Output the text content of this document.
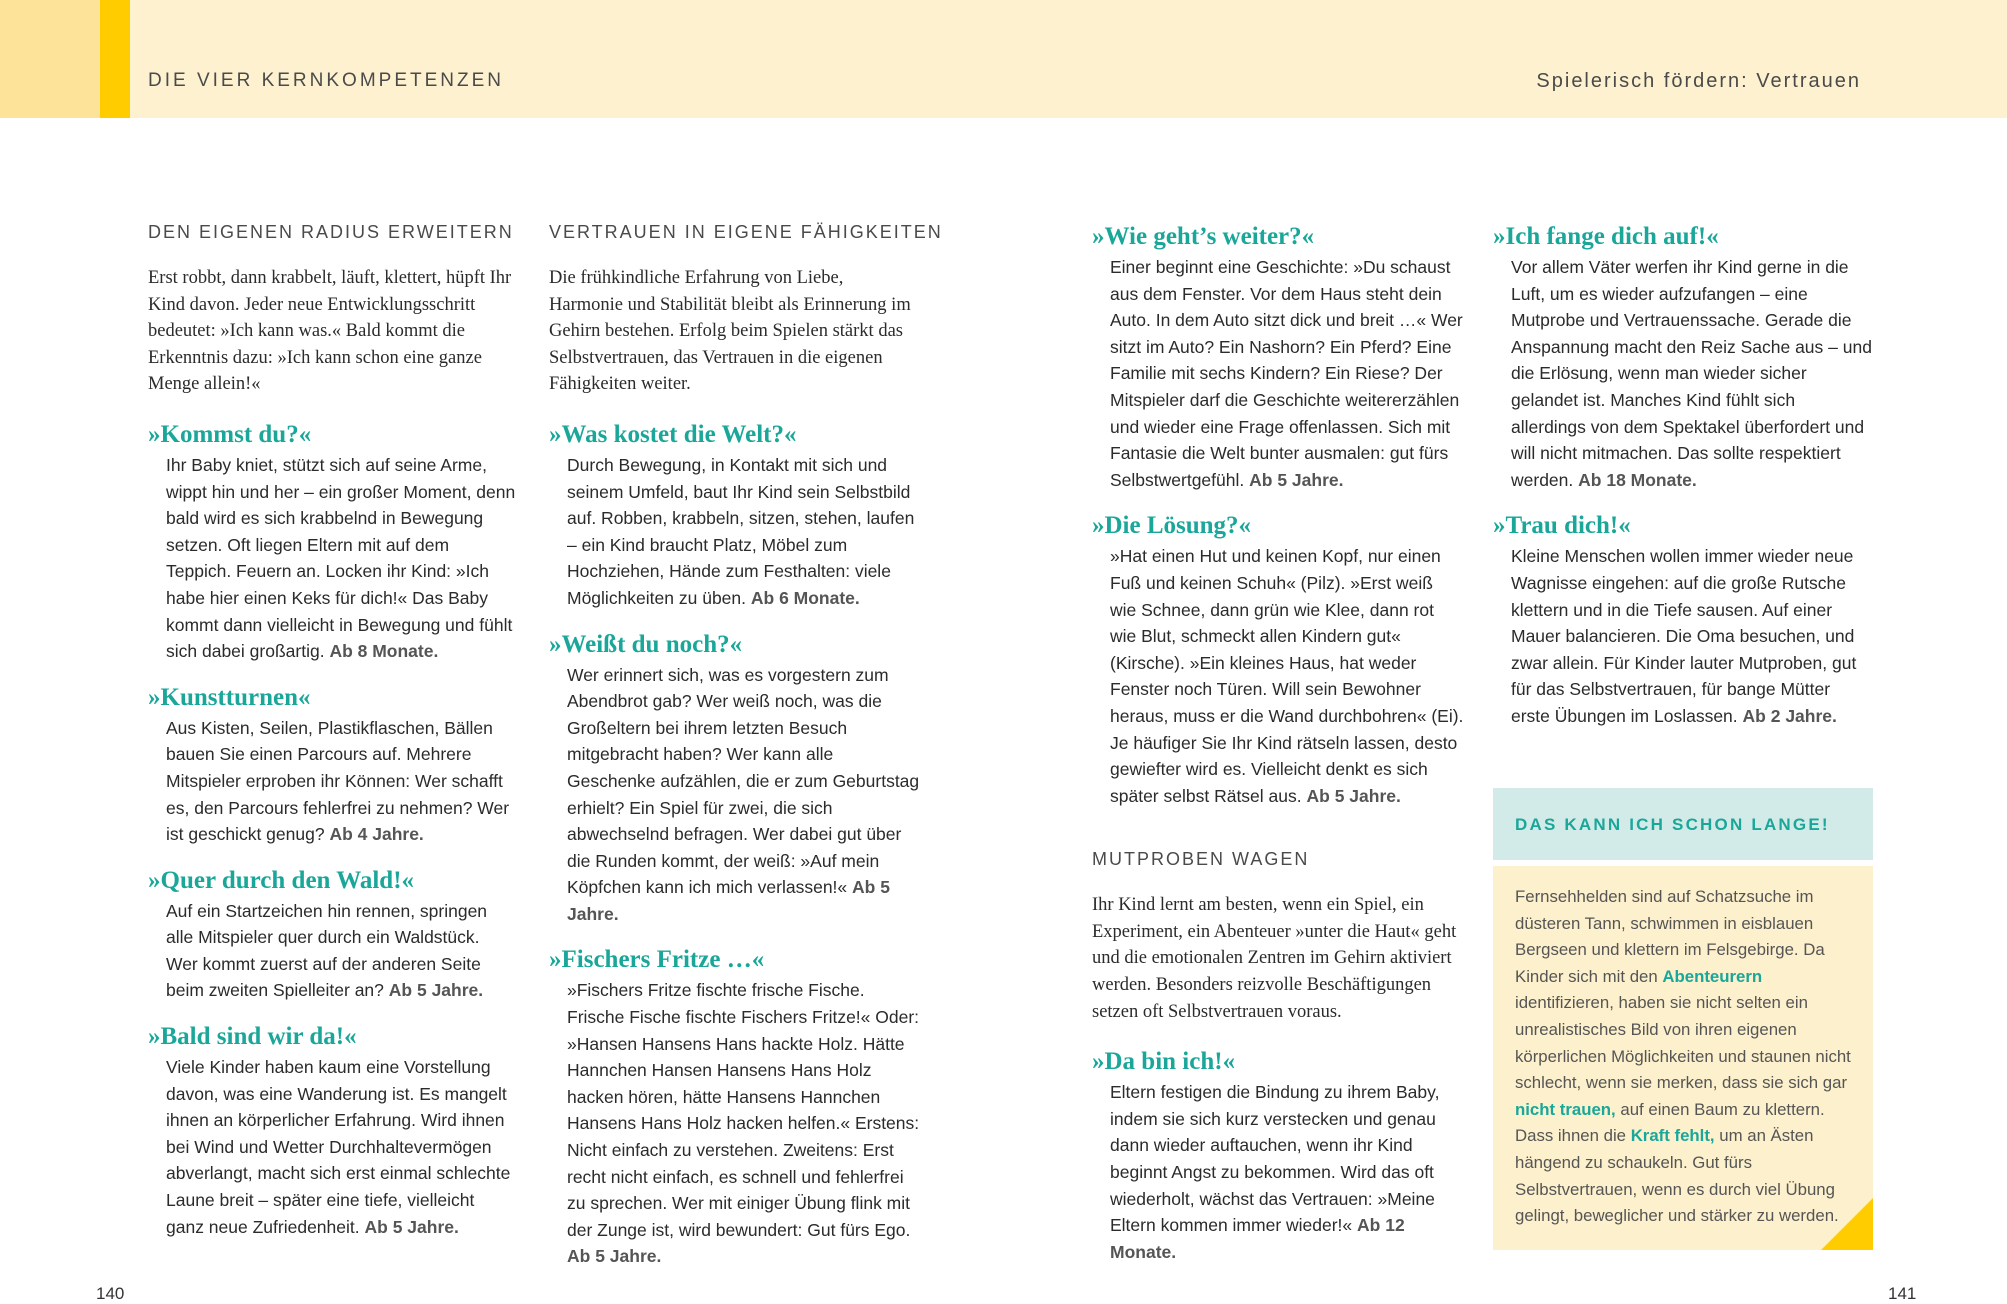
DIE VIER KERNKOMPETENZEN	Spielerisch fördern: Vertrauen
DEN EIGENEN RADIUS ERWEITERN
Erst robbt, dann krabbelt, läuft, klettert, hüpft Ihr Kind davon. Jeder neue Entwicklungsschritt bedeutet: »Ich kann was.« Bald kommt die Erkenntnis dazu: »Ich kann schon eine ganze Menge allein!«
»Kommst du?«
Ihr Baby kniet, stützt sich auf seine Arme, wippt hin und her – ein großer Moment, denn bald wird es sich krabbelnd in Bewegung setzen. Oft liegen Eltern mit auf dem Teppich. Feuern an. Locken ihr Kind: »Ich habe hier einen Keks für dich!« Das Baby kommt dann vielleicht in Bewegung und fühlt sich dabei großartig. Ab 8 Monate.
»Kunstturnen«
Aus Kisten, Seilen, Plastikflaschen, Bällen bauen Sie einen Parcours auf. Mehrere Mitspieler erproben ihr Können: Wer schafft es, den Parcours fehlerfrei zu nehmen? Wer ist geschickt genug? Ab 4 Jahre.
»Quer durch den Wald!«
Auf ein Startzeichen hin rennen, springen alle Mitspieler quer durch ein Waldstück. Wer kommt zuerst auf der anderen Seite beim zweiten Spielleiter an? Ab 5 Jahre.
»Bald sind wir da!«
Viele Kinder haben kaum eine Vorstellung davon, was eine Wanderung ist. Es mangelt ihnen an körperlicher Erfahrung. Wird ihnen bei Wind und Wetter Durchhaltevermögen abverlangt, macht sich erst einmal schlechte Laune breit – später eine tiefe, vielleicht ganz neue Zufriedenheit. Ab 5 Jahre.
VERTRAUEN IN EIGENE FÄHIGKEITEN
Die frühkindliche Erfahrung von Liebe, Harmonie und Stabilität bleibt als Erinnerung im Gehirn bestehen. Erfolg beim Spielen stärkt das Selbstvertrauen, das Vertrauen in die eigenen Fähigkeiten weiter.
»Was kostet die Welt?«
Durch Bewegung, in Kontakt mit sich und seinem Umfeld, baut Ihr Kind sein Selbstbild auf. Robben, krabbeln, sitzen, stehen, laufen – ein Kind braucht Platz, Möbel zum Hochziehen, Hände zum Festhalten: viele Möglichkeiten zu üben. Ab 6 Monate.
»Weißt du noch?«
Wer erinnert sich, was es vorgestern zum Abendbrot gab? Wer weiß noch, was die Großeltern bei ihrem letzten Besuch mitgebracht haben? Wer kann alle Geschenke aufzählen, die er zum Geburtstag erhielt? Ein Spiel für zwei, die sich abwechselnd befragen. Wer dabei gut über die Runden kommt, der weiß: »Auf mein Köpfchen kann ich mich verlassen!« Ab 5 Jahre.
»Fischers Fritze …«
»Fischers Fritze fischte frische Fische. Frische Fische fischte Fischers Fritze!« Oder: »Hansen Hansens Hans hackte Holz. Hätte Hannchen Hansen Hansens Hans Holz hacken hören, hätte Hansens Hannchen Hansens Hans Holz hacken helfen.« Erstens: Nicht einfach zu verstehen. Zweitens: Erst recht nicht einfach, es schnell und fehlerfrei zu sprechen. Wer mit einiger Übung flink mit der Zunge ist, wird bewundert: Gut fürs Ego. Ab 5 Jahre.
»Wie geht’s weiter?«
Einer beginnt eine Geschichte: »Du schaust aus dem Fenster. Vor dem Haus steht dein Auto. In dem Auto sitzt dick und breit …« Wer sitzt im Auto? Ein Nashorn? Ein Pferd? Eine Familie mit sechs Kindern? Ein Riese? Der Mitspieler darf die Geschichte weitererzählen und wieder eine Frage offenlassen. Sich mit Fantasie die Welt bunter ausmalen: gut fürs Selbstwertgefühl. Ab 5 Jahre.
»Die Lösung?«
»Hat einen Hut und keinen Kopf, nur einen Fuß und keinen Schuh« (Pilz). »Erst weiß wie Schnee, dann grün wie Klee, dann rot wie Blut, schmeckt allen Kindern gut« (Kirsche). »Ein kleines Haus, hat weder Fenster noch Türen. Will sein Bewohner heraus, muss er die Wand durchbohren« (Ei). Je häufiger Sie Ihr Kind rätseln lassen, desto gewiefter wird es. Vielleicht denkt es sich später selbst Rätsel aus. Ab 5 Jahre.
MUTPROBEN WAGEN
Ihr Kind lernt am besten, wenn ein Spiel, ein Experiment, ein Abenteuer »unter die Haut« geht und die emotionalen Zentren im Gehirn aktiviert werden. Besonders reizvolle Beschäftigungen setzen oft Selbstvertrauen voraus.
»Da bin ich!«
Eltern festigen die Bindung zu ihrem Baby, indem sie sich kurz verstecken und genau dann wieder auftauchen, wenn ihr Kind beginnt Angst zu bekommen. Wird das oft wiederholt, wächst das Vertrauen: »Meine Eltern kommen immer wieder!« Ab 12 Monate.
»Ich fange dich auf!«
Vor allem Väter werfen ihr Kind gerne in die Luft, um es wieder aufzufangen – eine Mutprobe und Vertrauenssache. Gerade die Anspannung macht den Reiz Sache aus – und die Erlösung, wenn man wieder sicher gelandet ist. Manches Kind fühlt sich allerdings von dem Spektakel überfordert und will nicht mitmachen. Das sollte respektiert werden. Ab 18 Monate.
»Trau dich!«
Kleine Menschen wollen immer wieder neue Wagnisse eingehen: auf die große Rutsche klettern und in die Tiefe sausen. Auf einer Mauer balancieren. Die Oma besuchen, und zwar allein. Für Kinder lauter Mutproben, gut für das Selbstvertrauen, für bange Mütter erste Übungen im Loslassen. Ab 2 Jahre.
DAS KANN ICH SCHON LANGE!
Fernsehhelden sind auf Schatzsuche im düsteren Tann, schwimmen in eisblauen Bergseen und klettern im Felsgebirge. Da Kinder sich mit den Abenteurern identifizieren, haben sie nicht selten ein unrealistisches Bild von ihren eigenen körperlichen Möglichkeiten und staunen nicht schlecht, wenn sie merken, dass sie sich gar nicht trauen, auf einen Baum zu klettern. Dass ihnen die Kraft fehlt, um an Ästen hängend zu schaukeln. Gut fürs Selbstvertrauen, wenn es durch viel Übung gelingt, beweglicher und stärker zu werden.
140	141
